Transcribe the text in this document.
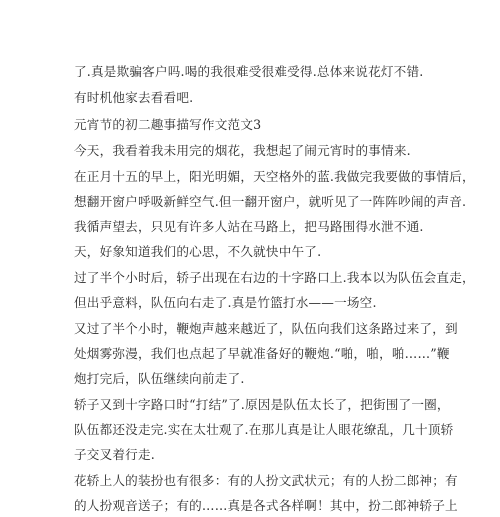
了.真是欺骗客户吗.喝的我很难受很难受得.总体来说花灯不错.
有时机他家去看看吧.
元宵节的初二趣事描写作文范文3
今天，我看着我未用完的烟花，我想起了闹元宵时的事情来.
在正月十五的早上，阳光明媚，天空格外的蓝.我做完我要做的事情后，
想翻开窗户呼吸新鲜空气.但一翻开窗户，就听见了一阵阵吵闹的声音.
我循声望去，只见有许多人站在马路上，把马路围得水泄不通.
天，好象知道我们的心思，不久就快中午了.
过了半个小时后，轿子出现在右边的十字路口上.我本以为队伍会直走，
但出乎意料，队伍向右走了.真是竹篮打水——一场空.
又过了半个小时，鞭炮声越来越近了，队伍向我们这条路过来了，到
处烟雾弥漫，我们也点起了早就准备好的鞭炮.“啪，啪，啪……”鞭
炮打完后，队伍继续向前走了.
轿子又到十字路口时“打结”了.原因是队伍太长了，把街围了一圈，
队伍都还没走完.实在太壮观了.在那儿真是让人眼花缭乱，几十顶轿
子交叉着行走.
花轿上人的装扮也有很多：有的人扮文武状元；有的人扮二郎神；有
的人扮观音送子；有的……真是各式各样啊！其中，扮二郎神轿子上
